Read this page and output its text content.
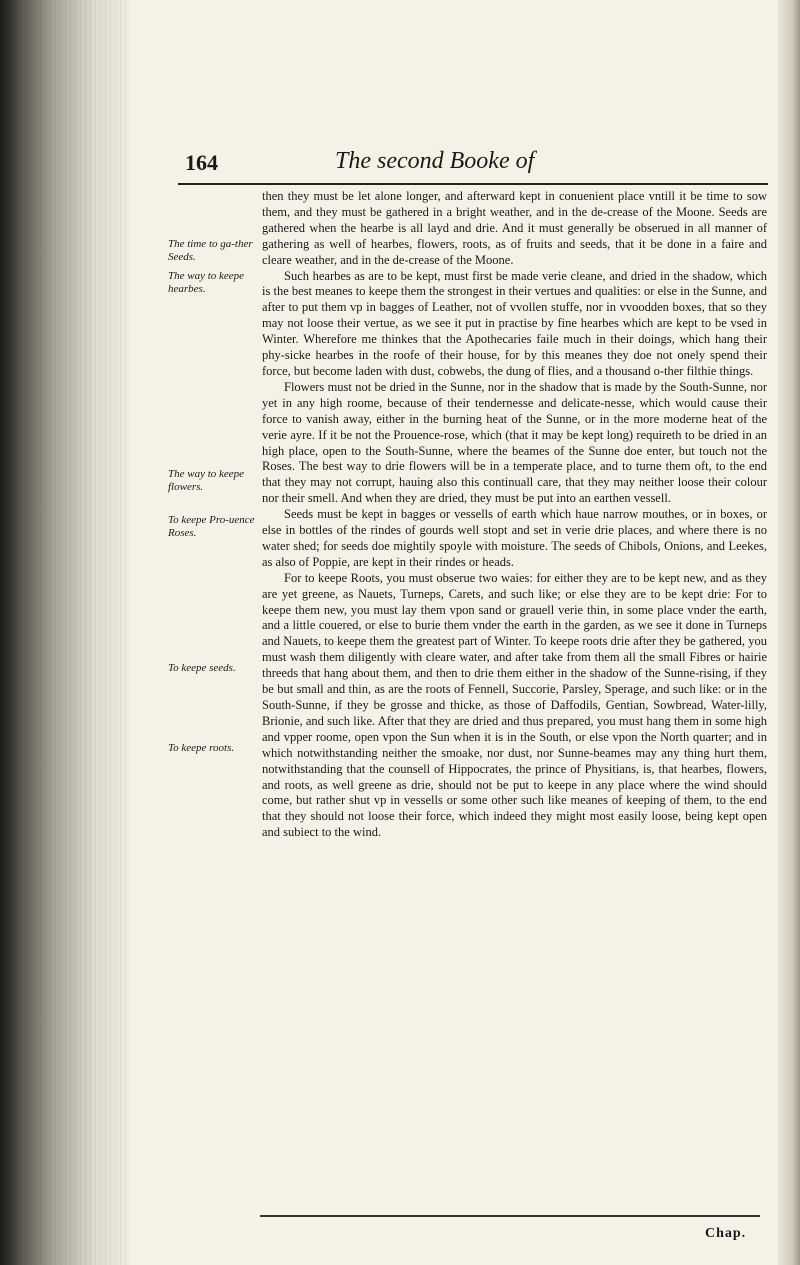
164	The second Booke of
The time to ga-ther Seeds.
The way to keepe hearbes.
The way to keepe flowers.
To keepe Pro-uence Roses.
To keepe seeds.
To keepe roots.

then they must be let alone longer, and afterward kept in conuenient place vntill it be time to sow them, and they must be gathered in a bright weather, and in the de-crease of the Moone. Seeds are gathered when the hearbe is all layd and drie. And it must generally be obserued in all manner of gathering as well of hearbes, flowers, roots, as of fruits and seeds, that it be done in a faire and cleare weather, and in the de-crease of the Moone.

Such hearbes as are to be kept, must first be made verie cleane, and dried in the shadow, which is the best meanes to keepe them the strongest in their vertues and qualities: or else in the Sunne, and after to put them vp in bagges of Leather, not of vvollen stuffe, nor in vvoodden boxes, that so they may not loose their vertue, as we see it put in practise by fine hearbes which are kept to be vsed in Winter. Wherefore me thinkes that the Apothecaries faile much in their doings, which hang their phy-sicke hearbes in the roofe of their house, for by this meanes they doe not onely spend their force, but become laden with dust, cobwebs, the dung of flies, and a thousand o-ther filthie things.

Flowers must not be dried in the Sunne, nor in the shadow that is made by the South-Sunne, nor yet in any high roome, because of their tendernesse and delicate-nesse, which would cause their force to vanish away, either in the burning heat of the Sunne, or in the more moderne heat of the verie ayre. If it be not the Prouence-rose, which (that it may be kept long) requireth to be dried in an high place, open to the South-Sunne, where the beames of the Sunne doe enter, but touch not the Roses. The best way to drie flowers will be in a temperate place, and to turne them oft, to the end that they may not corrupt, hauing also this continuall care, that they may neither loose their colour nor their smell. And when they are dried, they must be put into an earthen vessell.

Seeds must be kept in bagges or vessells of earth which haue narrow mouthes, or in boxes, or else in bottles of the rindes of gourds well stopt and set in verie drie places, and where there is no water shed; for seeds doe mightily spoyle with moisture. The seeds of Chibols, Onions, and Leekes, as also of Poppie, are kept in their rindes or heads.

For to keepe Roots, you must obserue two waies: for either they are to be kept new, and as they are yet greene, as Nauets, Turneps, Carets, and such like; or else they are to be kept drie: For to keepe them new, you must lay them vpon sand or grauell verie thin, in some place vnder the earth, and a little couered, or else to burie them vnder the earth in the garden, as we see it done in Turneps and Nauets, to keepe them the greatest part of Winter. To keepe roots drie after they be gathered, you must wash them diligently with cleare water, and after take from them all the small Fibres or hairie threeds that hang about them, and then to drie them either in the shadow of the Sunne-rising, if they be but small and thin, as are the roots of Fennell, Succorie, Parsley, Sperage, and such like: or in the South-Sunne, if they be grosse and thicke, as those of Daffodils, Gentian, Sowbread, Water-lilly, Brionie, and such like. After that they are dried and thus prepared, you must hang them in some high and vpper roome, open vpon the Sun when it is in the South, or else vpon the North quarter; and in which notwithstanding neither the smoake, nor dust, nor Sunne-beames may any thing hurt them, notwithstanding that the counsell of Hippocrates, the prince of Physitians, is, that hearbes, flowers, and roots, as well greene as drie, should not be put to keepe in any place where the wind should come, but rather shut vp in vessells or some other such like meanes of keeping of them, to the end that they should not loose their force, which indeed they might most easily loose, being kept open and subiect to the wind.

Chap.
